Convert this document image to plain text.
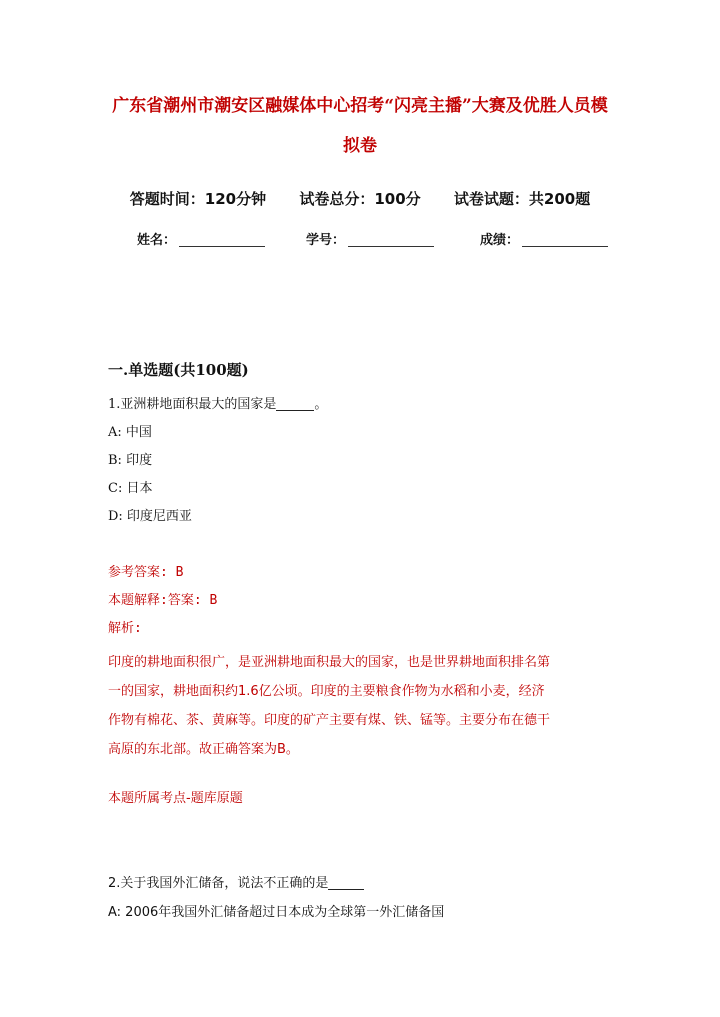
广东省潮州市潮安区融媒体中心招考“闪亮主播”大赛及优胜人员模
拟卷
答题时间：120分钟 试卷总分：100分 试卷试题：共200题
姓名：	学号：	成绩：
一.单选题(共100题)
1.亚洲耕地面积最大的国家是	。
A: 中国
B: 印度
C: 日本
D: 印度尼西亚
参考答案: B
本题解释:答案: B
解析:
印度的耕地面积很广，是亚洲耕地面积最大的国家，也是世界耕地面积排名第
一的国家，耕地面积约1.6亿公顷。印度的主要粮食作物为水稻和小麦，经济
作物有棉花、茶、黄麻等。印度的矿产主要有煤、铁、锰等。主要分布在德干
高原的东北部。故正确答案为B。
本题所属考点-题库原题
2.关于我国外汇储备，说法不正确的是
A: 2006年我国外汇储备超过日本成为全球第一外汇储备国
